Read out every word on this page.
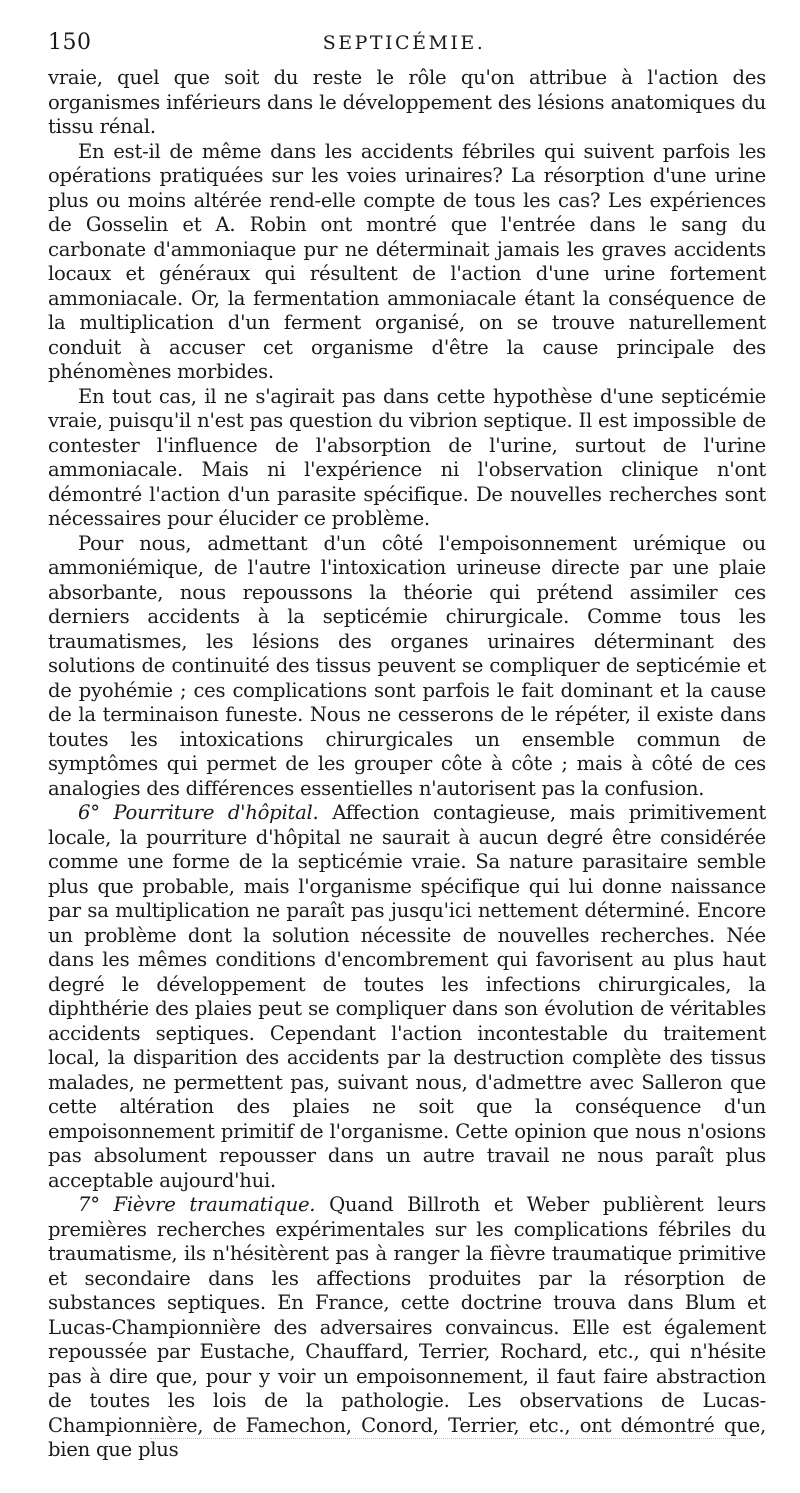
150	SEPTICÉMIE.

vraie, quel que soit du reste le rôle qu'on attribue à l'action des organismes inférieurs dans le développement des lésions anatomiques du tissu rénal.

En est-il de même dans les accidents fébriles qui suivent parfois les opérations pratiquées sur les voies urinaires? La résorption d'une urine plus ou moins altérée rend-elle compte de tous les cas? Les expériences de Gosselin et A. Robin ont montré que l'entrée dans le sang du carbonate d'ammoniaque pur ne déterminait jamais les graves accidents locaux et généraux qui résultent de l'action d'une urine fortement ammoniacale. Or, la fermentation ammoniacale étant la conséquence de la multiplication d'un ferment organisé, on se trouve naturellement conduit à accuser cet organisme d'être la cause principale des phénomènes morbides.

En tout cas, il ne s'agirait pas dans cette hypothèse d'une septicémie vraie, puisqu'il n'est pas question du vibrion septique. Il est impossible de contester l'influence de l'absorption de l'urine, surtout de l'urine ammoniacale. Mais ni l'expérience ni l'observation clinique n'ont démontré l'action d'un parasite spécifique. De nouvelles recherches sont nécessaires pour élucider ce problème.

Pour nous, admettant d'un côté l'empoisonnement urémique ou ammoniémique, de l'autre l'intoxication urineuse directe par une plaie absorbante, nous repoussons la théorie qui prétend assimiler ces derniers accidents à la septicémie chirurgicale. Comme tous les traumatismes, les lésions des organes urinaires déterminant des solutions de continuité des tissus peuvent se compliquer de septicémie et de pyohémie ; ces complications sont parfois le fait dominant et la cause de la terminaison funeste. Nous ne cesserons de le répéter, il existe dans toutes les intoxications chirurgicales un ensemble commun de symptômes qui permet de les grouper côte à côte ; mais à côté de ces analogies des différences essentielles n'autorisent pas la confusion.

6° Pourriture d'hôpital. Affection contagieuse, mais primitivement locale, la pourriture d'hôpital ne saurait à aucun degré être considérée comme une forme de la septicémie vraie. Sa nature parasitaire semble plus que probable, mais l'organisme spécifique qui lui donne naissance par sa multiplication ne paraît pas jusqu'ici nettement déterminé. Encore un problème dont la solution nécessite de nouvelles recherches. Née dans les mêmes conditions d'encombrement qui favorisent au plus haut degré le développement de toutes les infections chirurgicales, la diphthérie des plaies peut se compliquer dans son évolution de véritables accidents septiques. Cependant l'action incontestable du traitement local, la disparition des accidents par la destruction complète des tissus malades, ne permettent pas, suivant nous, d'admettre avec Salleron que cette altération des plaies ne soit que la conséquence d'un empoisonnement primitif de l'organisme. Cette opinion que nous n'osions pas absolument repousser dans un autre travail ne nous paraît plus acceptable aujourd'hui.

7° Fièvre traumatique. Quand Billroth et Weber publièrent leurs premières recherches expérimentales sur les complications fébriles du traumatisme, ils n'hésitèrent pas à ranger la fièvre traumatique primitive et secondaire dans les affections produites par la résorption de substances septiques. En France, cette doctrine trouva dans Blum et Lucas-Championnière des adversaires convaincus. Elle est également repoussée par Eustache, Chauffard, Terrier, Rochard, etc., qui n'hésite pas à dire que, pour y voir un empoisonnement, il faut faire abstraction de toutes les lois de la pathologie. Les observations de Lucas-Championnière, de Famechon, Conord, Terrier, etc., ont démontré que, bien que plus
